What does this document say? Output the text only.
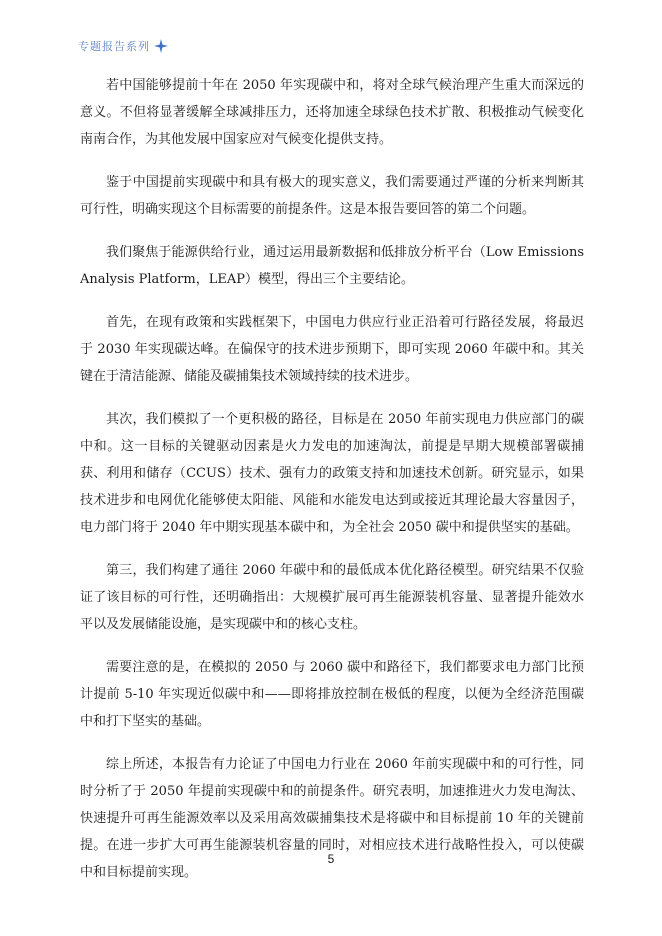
专题报告系列

若中国能够提前十年在 2050 年实现碳中和，将对全球气候治理产生重大而深远的意义。不但将显著缓解全球减排压力，还将加速全球绿色技术扩散、积极推动气候变化南南合作，为其他发展中国家应对气候变化提供支持。

鉴于中国提前实现碳中和具有极大的现实意义，我们需要通过严谨的分析来判断其可行性，明确实现这个目标需要的前提条件。这是本报告要回答的第二个问题。

我们聚焦于能源供给行业，通过运用最新数据和低排放分析平台（Low Emissions Analysis Platform，LEAP）模型，得出三个主要结论。

首先，在现有政策和实践框架下，中国电力供应行业正沿着可行路径发展，将最迟于 2030 年实现碳达峰。在偏保守的技术进步预期下，即可实现 2060 年碳中和。其关键在于清洁能源、储能及碳捕集技术领域持续的技术进步。

其次，我们模拟了一个更积极的路径，目标是在 2050 年前实现电力供应部门的碳中和。这一目标的关键驱动因素是火力发电的加速淘汰，前提是早期大规模部署碳捕获、利用和储存（CCUS）技术、强有力的政策支持和加速技术创新。研究显示，如果技术进步和电网优化能够使太阳能、风能和水能发电达到或接近其理论最大容量因子，电力部门将于 2040 年中期实现基本碳中和，为全社会 2050 碳中和提供坚实的基础。

第三，我们构建了通往 2060 年碳中和的最低成本优化路径模型。研究结果不仅验证了该目标的可行性，还明确指出：大规模扩展可再生能源装机容量、显著提升能效水平以及发展储能设施，是实现碳中和的核心支柱。

需要注意的是，在模拟的 2050 与 2060 碳中和路径下，我们都要求电力部门比预计提前 5-10 年实现近似碳中和——即将排放控制在极低的程度，以便为全经济范围碳中和打下坚实的基础。

综上所述，本报告有力论证了中国电力行业在 2060 年前实现碳中和的可行性，同时分析了于 2050 年提前实现碳中和的前提条件。研究表明，加速推进火力发电淘汰、快速提升可再生能源效率以及采用高效碳捕集技术是将碳中和目标提前 10 年的关键前提。在进一步扩大可再生能源装机容量的同时，对相应技术进行战略性投入，可以使碳中和目标提前实现。

5
